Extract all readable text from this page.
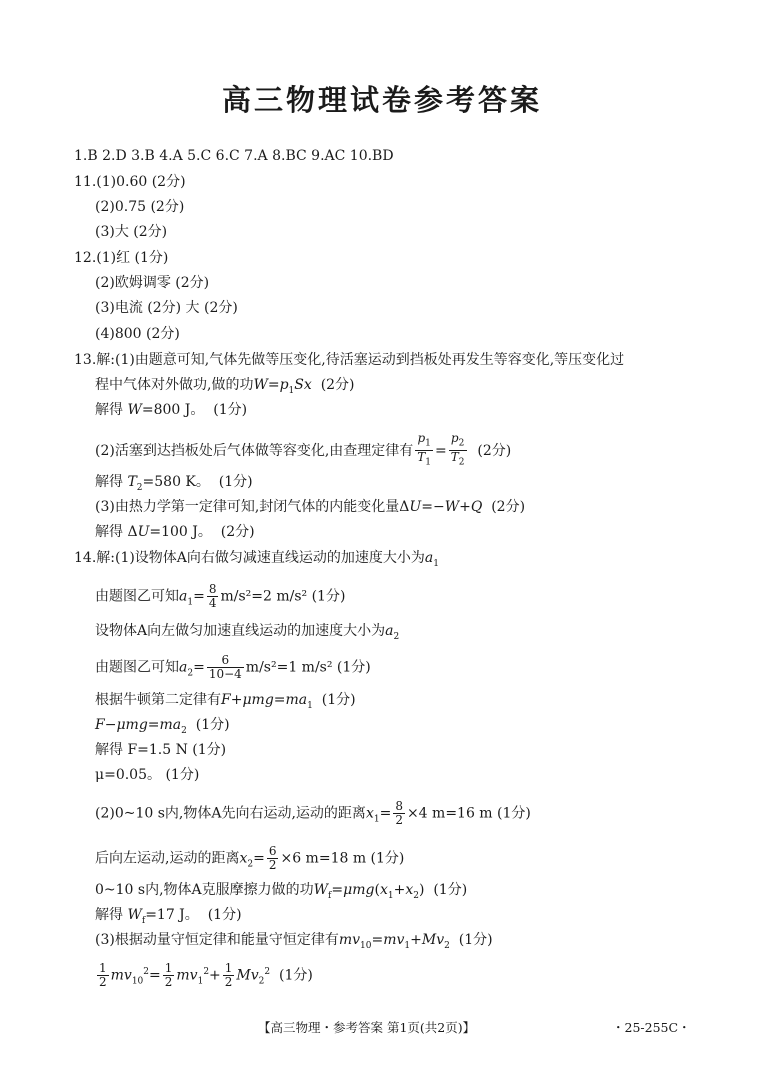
高三物理试卷参考答案
1.B 2.D 3.B 4.A 5.C 6.C 7.A 8.BC 9.AC 10.BD
11.(1)0.60 (2分)
(2)0.75 (2分)
(3)大 (2分)
12.(1)红 (1分)
(2)欧姆调零 (2分)
(3)电流 (2分) 大 (2分)
(4)800 (2分)
13.解:(1)由题意可知,气体先做等压变化,待活塞运动到挡板处再发生等容变化,等压变化过
程中气体对外做功,做的功$W=p_1Sx$ (2分)
解得 W=800 J。  (1分)
(2)活塞到达挡板处后气体做等容变化,由查理定律有 $\frac{p_1}{T_1} = \frac{p_2}{T_2} (2$分)
解得 $T_2=580$ K。  (1分)
(3)由热力学第一定律可知,封闭气体的内能变化量ΔU=−W+Q (2分)
解得 ΔU=100 J。  (2分)
14.解:(1)设物体A向右做匀减速直线运动的加速度大小为$a_1$
由题图乙可知$a_1= \frac{8}{4} m/s^2=2$ m/s² (1分)
设物体A向左做匀加速直线运动的加速度大小为$a_2$
由题图乙可知$a_2= \frac{6}{10-4} m/s^2=1$ m/s² (1分)
根据牛顿第二定律有$F+\mu mg=ma_1$ (1分)
$F-\mu mg=ma_2$ (1分)
解得 F=1.5 N (1分)
μ=0.05。 (1分)
(2)0~10 s内,物体A先向右运动,运动的距离$x_1= \frac{8}{2} \times 4$ m=16 m (1分)
后向左运动,运动的距离$x_2= \frac{6}{2} \times 6$ m=18 m (1分)
0~10 s内,物体A克服摩擦力做的功$W_f=\mu mg(x_1+x_2)$  (1分)
解得 $W_f=17$ J。  (1分)
(3)根据动量守恒定律和能量守恒定律有$mv_{10}=mv_1+Mv_2$ (1分)
$\frac{1}{2} mv_{10}^2= \frac{1}{2} mv_1^2+ \frac{1}{2} Mv_2^2$ (1分)
【高三物理・参考答案 第1页(共2页)】	・25-255C・
